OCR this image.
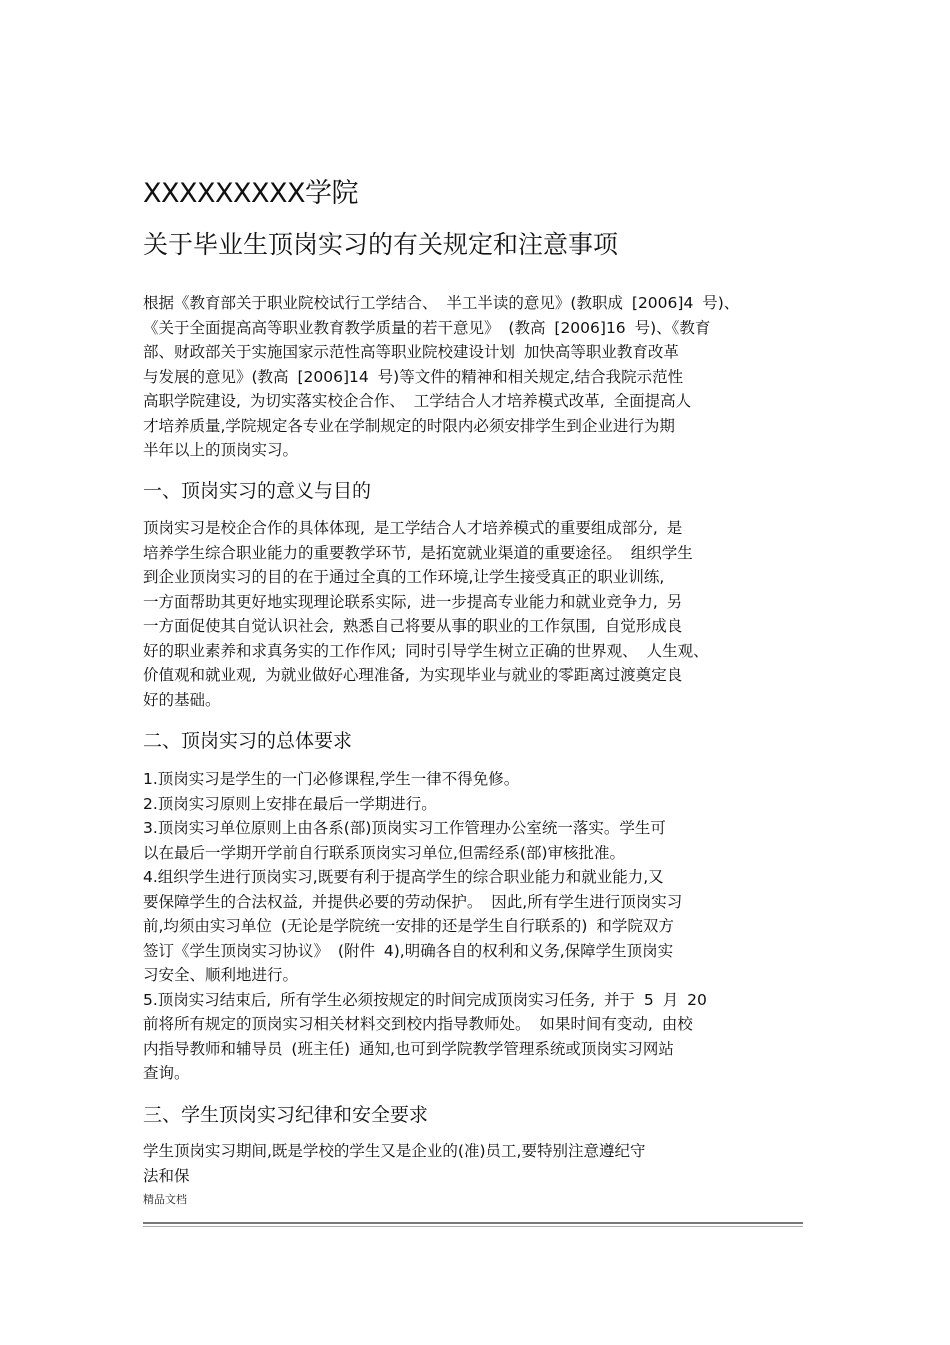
XXXXXXXXX学院
关于毕业生顶岗实习的有关规定和注意事项
根据《教育部关于职业院校试行工学结合、 半工半读的意见》(教职成 [2006]4 号)、
《关于全面提高高等职业教育教学质量的若干意见》 (教高 [2006]16 号)、《教育
部、财政部关于实施国家示范性高等职业院校建设计划 加快高等职业教育改革
与发展的意见》(教高 [2006]14 号)等文件的精神和相关规定,结合我院示范性
高职学院建设, 为切实落实校企合作、 工学结合人才培养模式改革, 全面提高人
才培养质量,学院规定各专业在学制规定的时限内必须安排学生到企业进行为期
半年以上的顶岗实习。
一、顶岗实习的意义与目的
顶岗实习是校企合作的具体体现, 是工学结合人才培养模式的重要组成部分, 是
培养学生综合职业能力的重要教学环节, 是拓宽就业渠道的重要途径。 组织学生
到企业顶岗实习的目的在于通过全真的工作环境,让学生接受真正的职业训练,
一方面帮助其更好地实现理论联系实际, 进一步提高专业能力和就业竞争力, 另
一方面促使其自觉认识社会, 熟悉自己将要从事的职业的工作氛围, 自觉形成良
好的职业素养和求真务实的工作作风; 同时引导学生树立正确的世界观、 人生观、
价值观和就业观, 为就业做好心理准备, 为实现毕业与就业的零距离过渡奠定良
好的基础。
二、顶岗实习的总体要求
1.顶岗实习是学生的一门必修课程,学生一律不得免修。
2.顶岗实习原则上安排在最后一学期进行。
3.顶岗实习单位原则上由各系(部)顶岗实习工作管理办公室统一落实。学生可
以在最后一学期开学前自行联系顶岗实习单位,但需经系(部)审核批准。
4.组织学生进行顶岗实习,既要有利于提高学生的综合职业能力和就业能力,又
要保障学生的合法权益, 并提供必要的劳动保护。 因此,所有学生进行顶岗实习
前,均须由实习单位 (无论是学院统一安排的还是学生自行联系的) 和学院双方
签订《学生顶岗实习协议》 (附件 4),明确各自的权利和义务,保障学生顶岗实
习安全、顺利地进行。
5.顶岗实习结束后, 所有学生必须按规定的时间完成顶岗实习任务, 并于 5 月 20
前将所有规定的顶岗实习相关材料交到校内指导教师处。 如果时间有变动, 由校
内指导教师和辅导员 (班主任) 通知,也可到学院教学管理系统或顶岗实习网站
查询。
三、学生顶岗实习纪律和安全要求
学生顶岗实习期间,既是学校的学生又是企业的(准)员工,要特别注意遵纪守
法和保
精品文档
